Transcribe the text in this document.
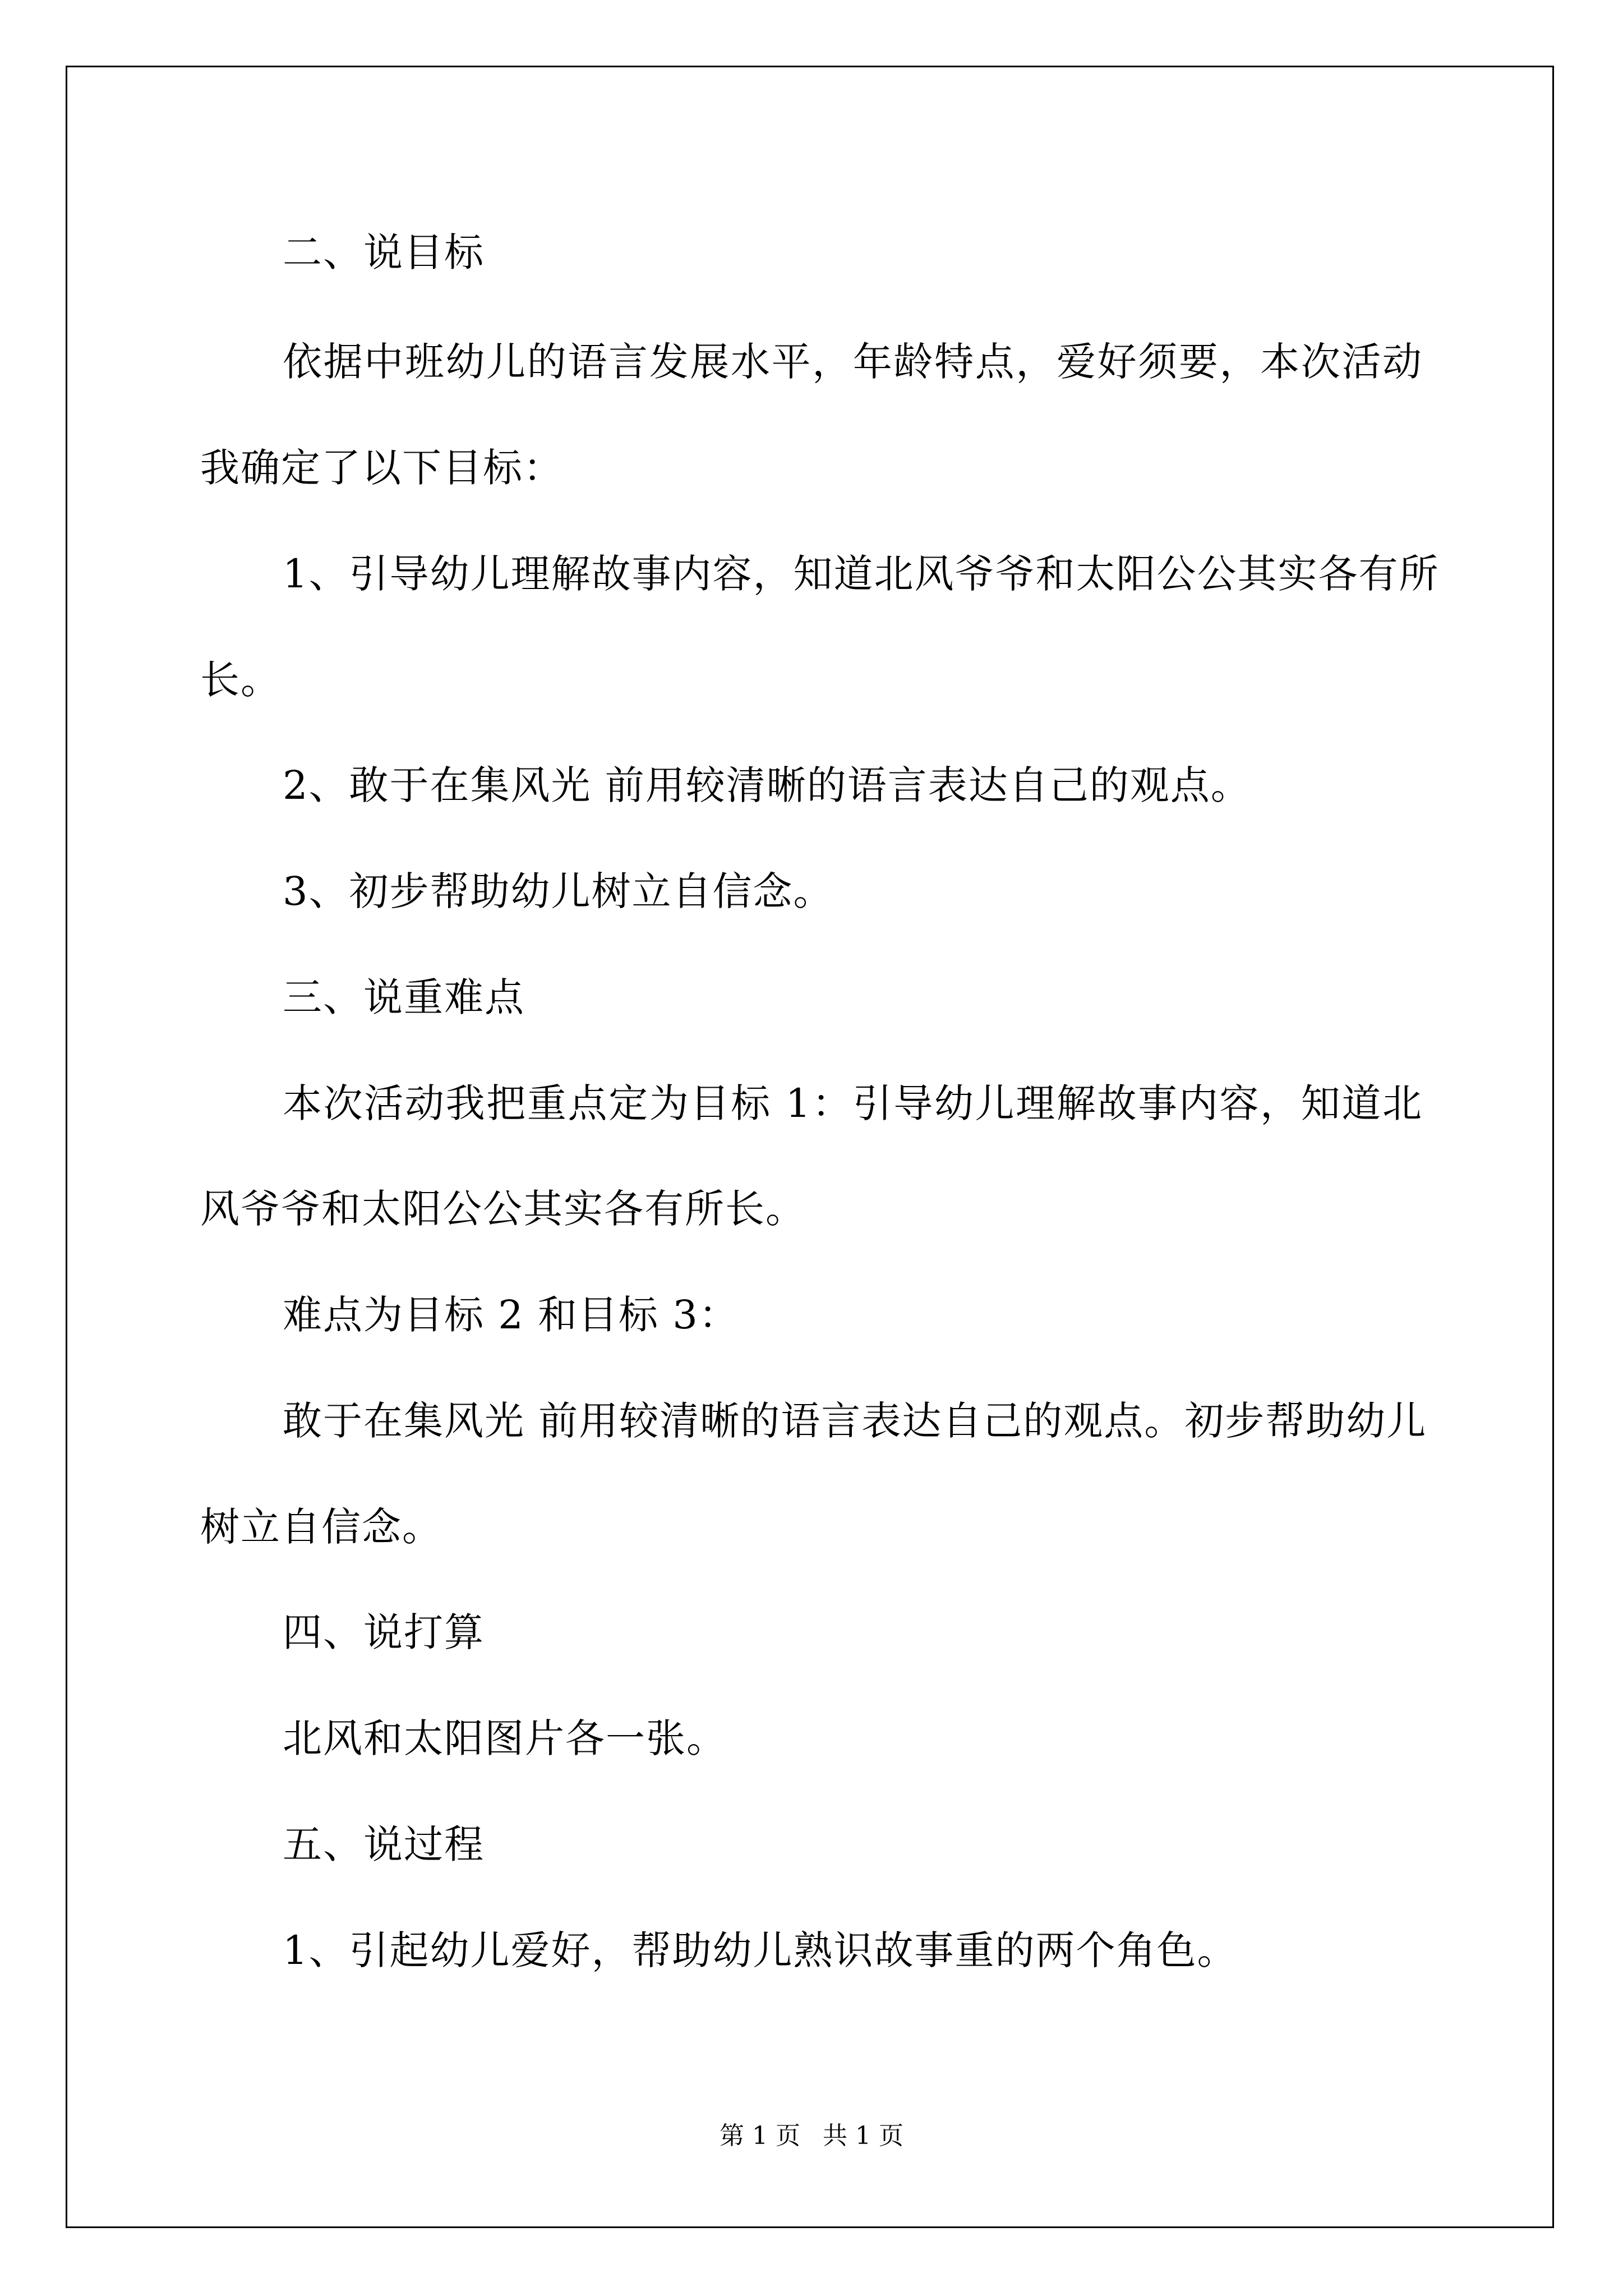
二、说目标
依据中班幼儿的语言发展水平，年龄特点，爱好须要，本次活动
我确定了以下目标：
1、引导幼儿理解故事内容，知道北风爷爷和太阳公公其实各有所
长。
2、敢于在集风光 前用较清晰的语言表达自己的观点。
3、初步帮助幼儿树立自信念。
三、说重难点
本次活动我把重点定为目标 1：引导幼儿理解故事内容，知道北
风爷爷和太阳公公其实各有所长。
难点为目标 2 和目标 3：
敢于在集风光 前用较清晰的语言表达自己的观点。初步帮助幼儿
树立自信念。
四、说打算
北风和太阳图片各一张。
五、说过程
1、引起幼儿爱好，帮助幼儿熟识故事重的两个角色。
第 1 页 共 1 页
